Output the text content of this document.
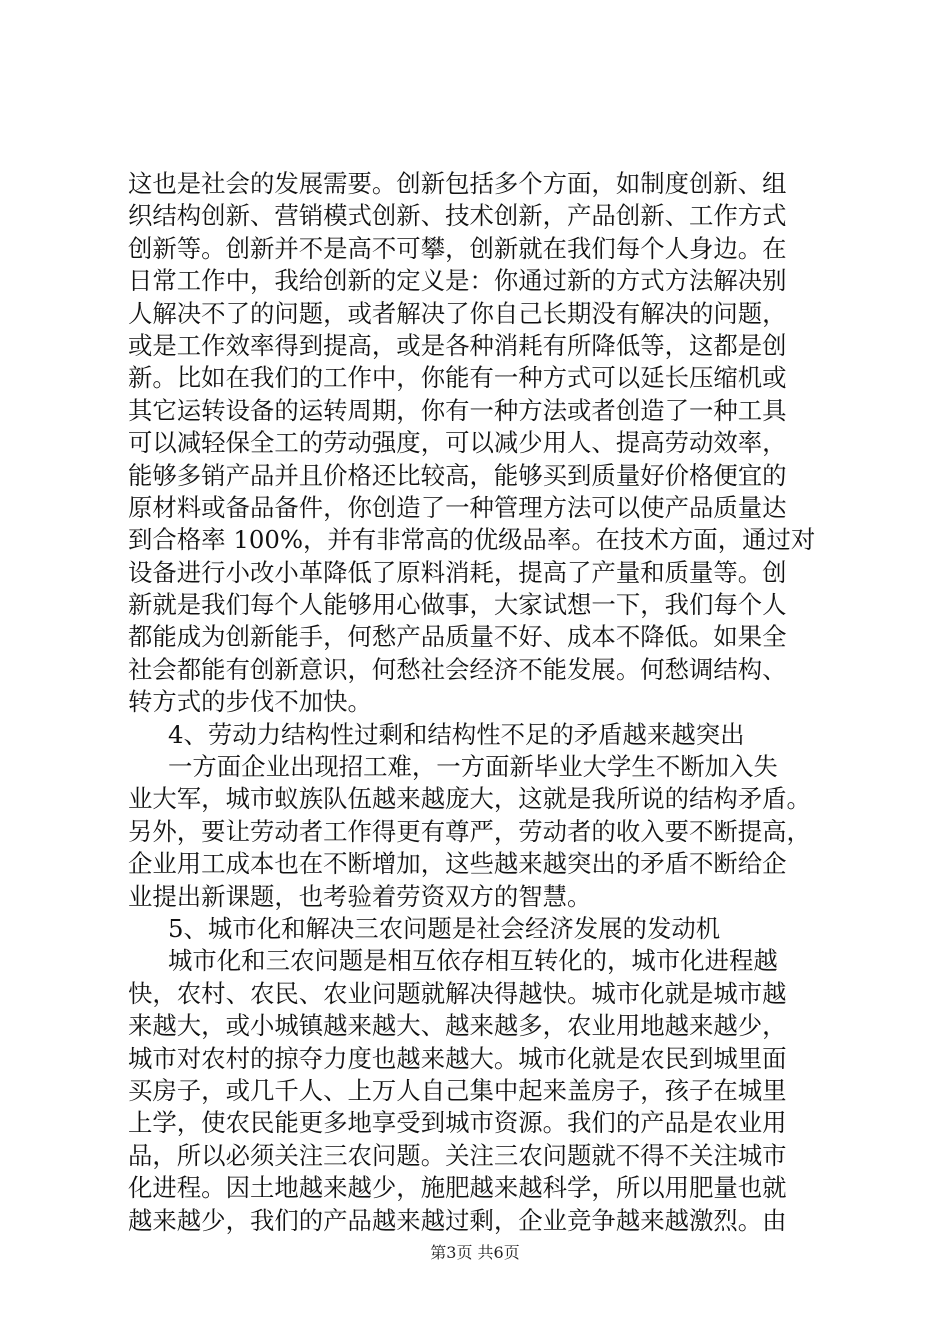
这也是社会的发展需要。创新包括多个方面，如制度创新、组
织结构创新、营销模式创新、技术创新，产品创新、工作方式
创新等。创新并不是高不可攀，创新就在我们每个人身边。在
日常工作中，我给创新的定义是：你通过新的方式方法解决别
人解决不了的问题，或者解决了你自己长期没有解决的问题，
或是工作效率得到提高，或是各种消耗有所降低等，这都是创
新。比如在我们的工作中，你能有一种方式可以延长压缩机或
其它运转设备的运转周期，你有一种方法或者创造了一种工具
可以减轻保全工的劳动强度，可以减少用人、提高劳动效率，
能够多销产品并且价格还比较高，能够买到质量好价格便宜的
原材料或备品备件，你创造了一种管理方法可以使产品质量达
到合格率 100%，并有非常高的优级品率。在技术方面，通过对
设备进行小改小革降低了原料消耗，提高了产量和质量等。创
新就是我们每个人能够用心做事，大家试想一下，我们每个人
都能成为创新能手，何愁产品质量不好、成本不降低。如果全
社会都能有创新意识，何愁社会经济不能发展。何愁调结构、
转方式的步伐不加快。
4、劳动力结构性过剩和结构性不足的矛盾越来越突出
一方面企业出现招工难，一方面新毕业大学生不断加入失
业大军，城市蚁族队伍越来越庞大，这就是我所说的结构矛盾。
另外，要让劳动者工作得更有尊严，劳动者的收入要不断提高，
企业用工成本也在不断增加，这些越来越突出的矛盾不断给企
业提出新课题，也考验着劳资双方的智慧。
5、城市化和解决三农问题是社会经济发展的发动机
城市化和三农问题是相互依存相互转化的，城市化进程越
快，农村、农民、农业问题就解决得越快。城市化就是城市越
来越大，或小城镇越来越大、越来越多，农业用地越来越少，
城市对农村的掠夺力度也越来越大。城市化就是农民到城里面
买房子，或几千人、上万人自己集中起来盖房子，孩子在城里
上学，使农民能更多地享受到城市资源。我们的产品是农业用
品，所以必须关注三农问题。关注三农问题就不得不关注城市
化进程。因土地越来越少，施肥越来越科学，所以用肥量也就
越来越少，我们的产品越来越过剩，企业竞争越来越激烈。由
第3页 共6页
